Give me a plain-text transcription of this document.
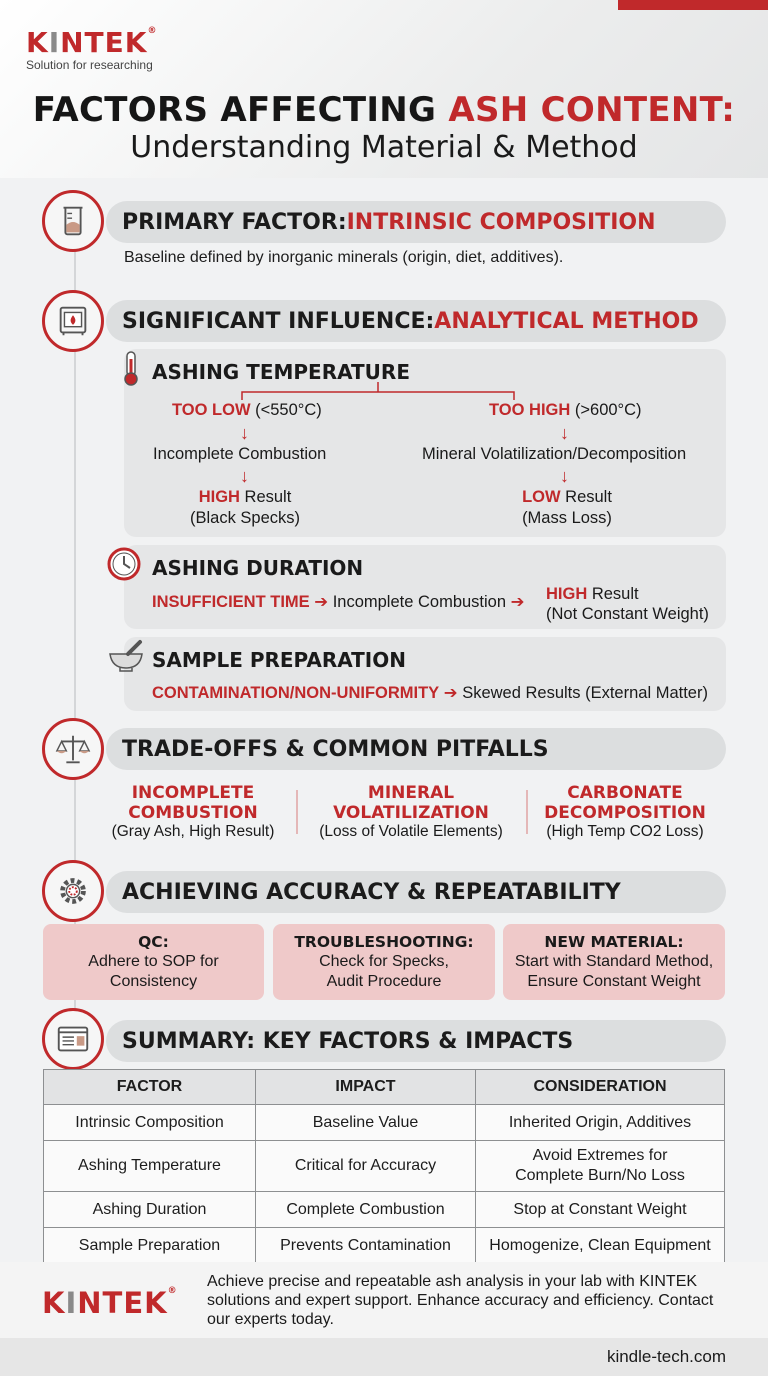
KINTEK®
Solution for researching
FACTORS AFFECTING ASH CONTENT:
Understanding Material & Method
PRIMARY FACTOR: INTRINSIC COMPOSITION
Baseline defined by inorganic minerals (origin, diet, additives).
SIGNIFICANT INFLUENCE: ANALYTICAL METHOD
ASHING TEMPERATURE
TOO LOW (<550°C)
↓
Incomplete Combustion
↓
HIGH Result
(Black Specks)
TOO HIGH (>600°C)
↓
Mineral Volatilization/Decomposition
↓
LOW Result
(Mass Loss)
ASHING DURATION
INSUFFICIENT TIME ➔ Incomplete Combustion ➔ HIGH Result
(Not Constant Weight)
SAMPLE PREPARATION
CONTAMINATION/NON-UNIFORMITY ➔ Skewed Results (External Matter)
TRADE-OFFS & COMMON PITFALLS
INCOMPLETE
COMBUSTION
(Gray Ash, High Result)
MINERAL
VOLATILIZATION
(Loss of Volatile Elements)
CARBONATE
DECOMPOSITION
(High Temp CO2 Loss)
ACHIEVING ACCURACY & REPEATABILITY
QC:
Adhere to SOP for
Consistency
TROUBLESHOOTING:
Check for Specks,
Audit Procedure
NEW MATERIAL:
Start with Standard Method,
Ensure Constant Weight
SUMMARY: KEY FACTORS & IMPACTS
FACTOR	IMPACT	CONSIDERATION
Intrinsic Composition	Baseline Value	Inherited Origin, Additives
Ashing Temperature	Critical for Accuracy	Avoid Extremes for
Complete Burn/No Loss

Ashing Duration	Complete Combustion	Stop at Constant Weight
Sample Preparation	Prevents Contamination	Homogenize, Clean Equipment
KINTEK®
Achieve precise and repeatable ash analysis in your lab with KINTEK solutions and expert support. Enhance accuracy and efficiency. Contact our experts today.
kindle-tech.com
